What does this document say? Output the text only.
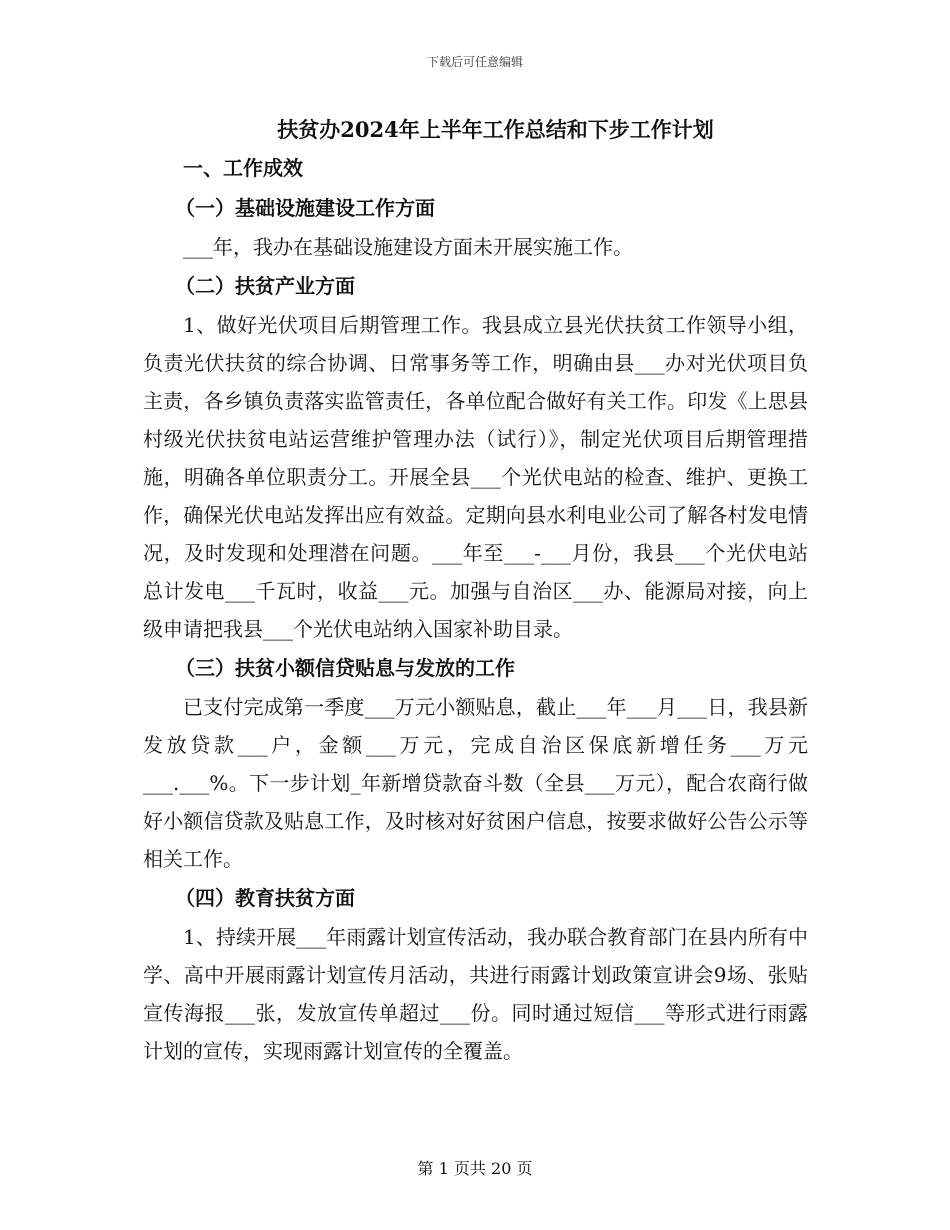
下载后可任意编辑
扶贫办2024年上半年工作总结和下步工作计划
一、工作成效
（一）基础设施建设工作方面

___年，我办在基础设施建设方面未开展实施工作。

（二）扶贫产业方面

1、做好光伏项目后期管理工作。我县成立县光伏扶贫工作领导小组，负责光伏扶贫的综合协调、日常事务等工作，明确由县___办对光伏项目负主责，各乡镇负责落实监管责任，各单位配合做好有关工作。印发《上思县村级光伏扶贫电站运营维护管理办法（试行）》，制定光伏项目后期管理措施，明确各单位职责分工。开展全县___个光伏电站的检查、维护、更换工作，确保光伏电站发挥出应有效益。定期向县水利电业公司了解各村发电情况，及时发现和处理潜在问题。___年至___-___月份，我县___个光伏电站总计发电___千瓦时，收益___元。加强与自治区___办、能源局对接，向上级申请把我县___个光伏电站纳入国家补助目录。

（三）扶贫小额信贷贴息与发放的工作

已支付完成第一季度___万元小额贴息，截止___年___月___日，我县新发放贷款___户，金额___万元，完成自治区保底新增任务___万元___.___%。下一步计划_年新增贷款奋斗数（全县___万元），配合农商行做好小额信贷款及贴息工作，及时核对好贫困户信息，按要求做好公告公示等相关工作。

（四）教育扶贫方面

1、持续开展___年雨露计划宣传活动，我办联合教育部门在县内所有中学、高中开展雨露计划宣传月活动，共进行雨露计划政策宣讲会9场、张贴宣传海报___张，发放宣传单超过___份。同时通过短信___等形式进行雨露计划的宣传，实现雨露计划宣传的全覆盖。

第 1 页共 20 页
